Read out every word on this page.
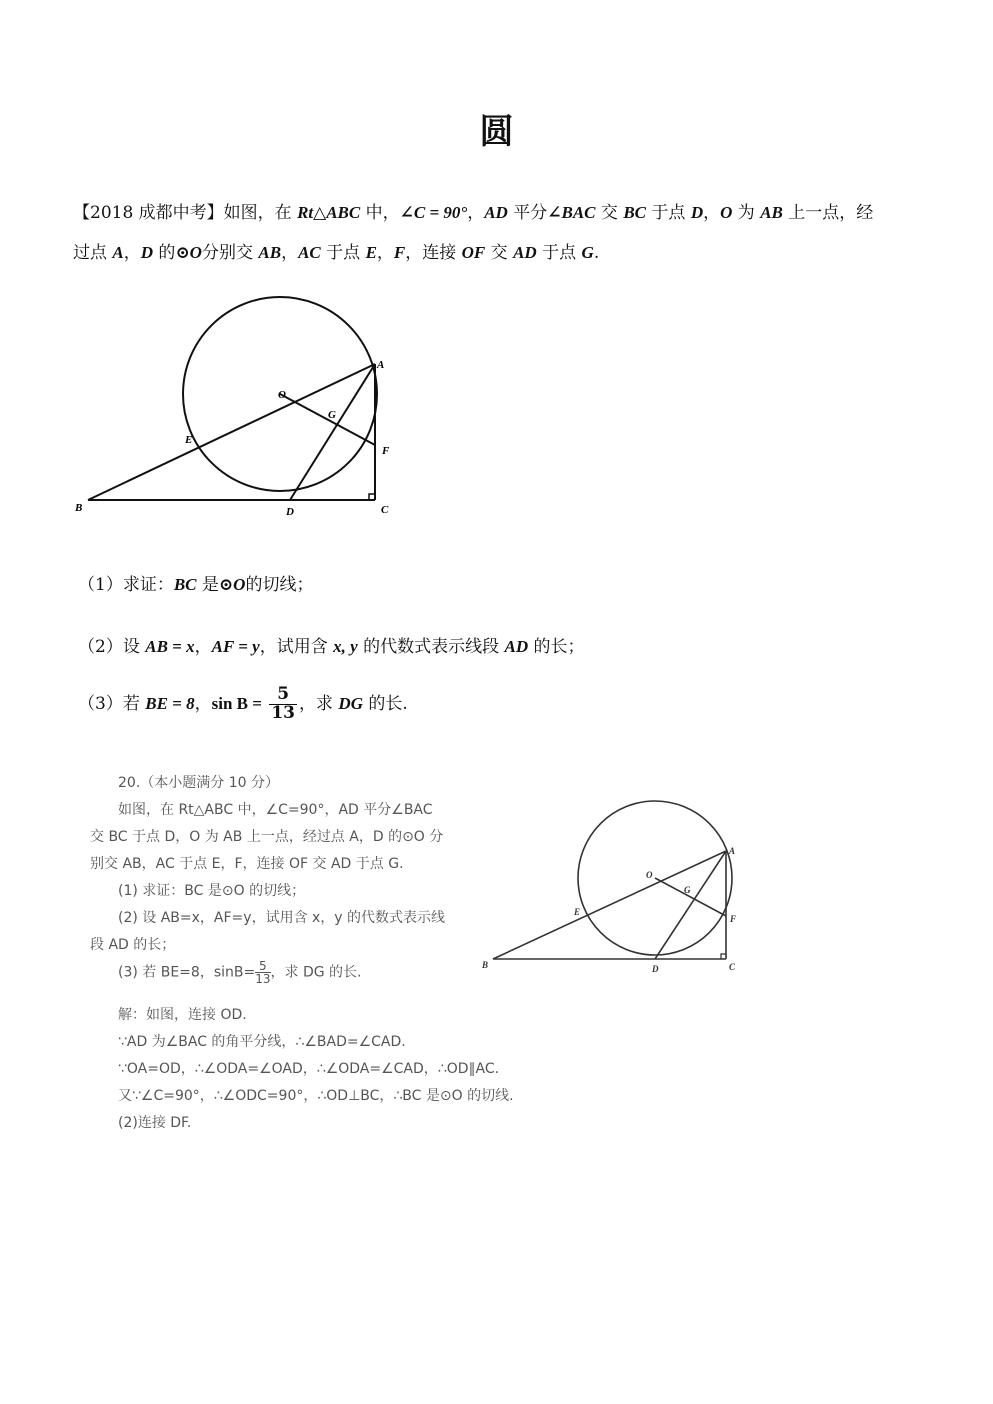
圆
【2018 成都中考】如图，在 Rt△ABC 中，∠C = 90°，AD 平分∠BAC 交 BC 于点 D，O 为 AB 上一点，经
过点 A，D 的⊙O分别交 AB，AC 于点 E，F，连接 OF 交 AD 于点 G.
A
B	C
D
E
F
G
O
（1）求证：BC 是⊙O的切线；
（2）设 AB = x，AF = y，试用含 x, y 的代数式表示线段 AD 的长；
（3）若 BE = 8，$\sin B = \frac{5}{13}$ ，求 DG 的长.
20.（本小题满分 10 分）
如图，在 Rt△ABC 中，∠C=90°，AD 平分∠BAC
交 BC 于点 D，O 为 AB 上一点，经过点 A，D 的⊙O 分
别交 AB，AC 于点 E，F，连接 OF 交 AD 于点 G.
(1) 求证：BC 是⊙O 的切线；
(2) 设 AB=x，AF=y，试用含 x，y 的代数式表示线
段 AD 的长；
(3) 若 BE=8，$\sin B= \frac{5}{13}$ ，求 DG 的长.
解：如图，连接 OD.
∵AD 为∠BAC 的角平分线，∴∠BAD=∠CAD.
∵OA=OD，∴∠ODA=∠OAD，∴∠ODA=∠CAD，∴OD∥AC.
又∵∠C=90°，∴∠ODC=90°，∴OD⊥BC，∴BC 是⊙O 的切线.
(2)连接 DF.
A
B	C
D
E
F
G
O
